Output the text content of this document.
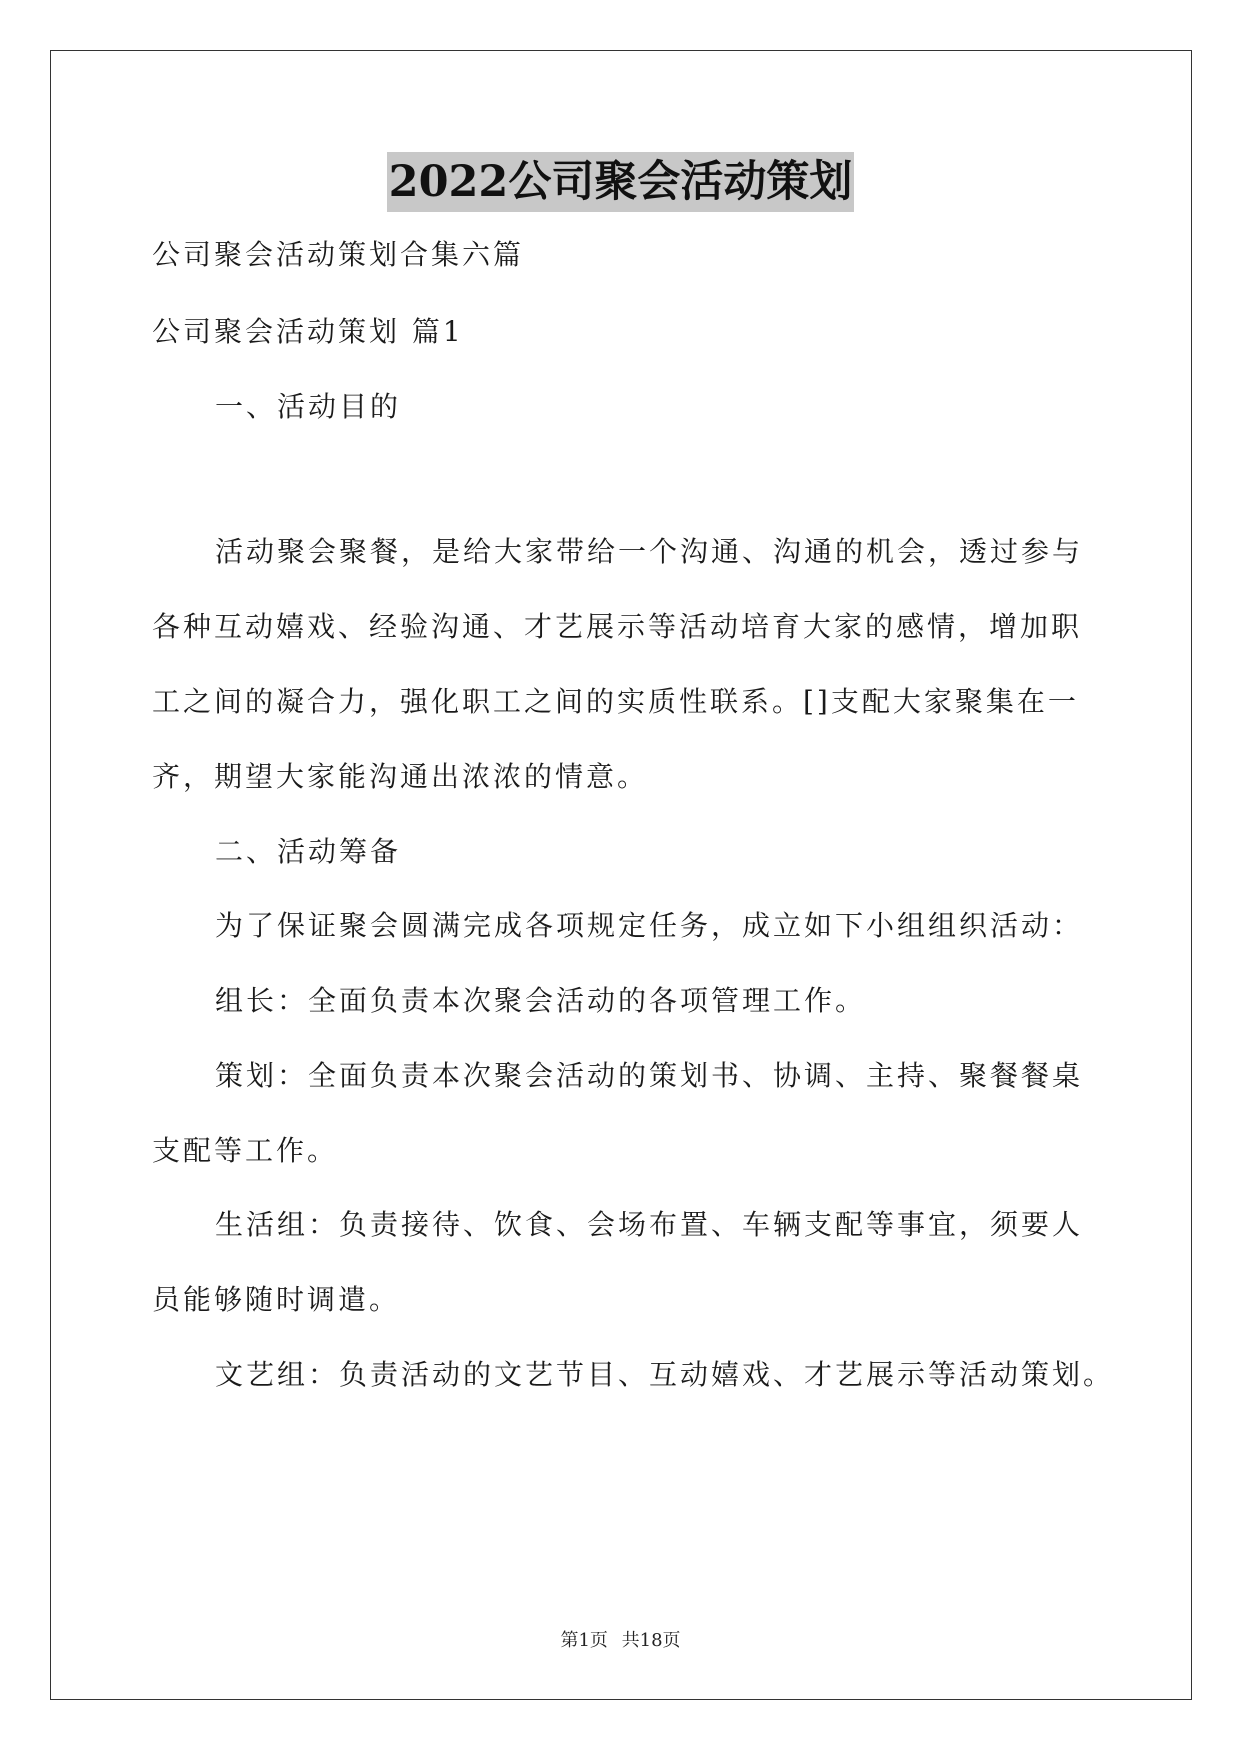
2022公司聚会活动策划
公司聚会活动策划合集六篇
公司聚会活动策划 篇1
一、活动目的
活动聚会聚餐，是给大家带给一个沟通、沟通的机会，透过参与
各种互动嬉戏、经验沟通、才艺展示等活动培育大家的感情，增加职
工之间的凝合力，强化职工之间的实质性联系。[]支配大家聚集在一
齐，期望大家能沟通出浓浓的情意。
二、活动筹备
为了保证聚会圆满完成各项规定任务，成立如下小组组织活动：
组长：全面负责本次聚会活动的各项管理工作。
策划：全面负责本次聚会活动的策划书、协调、主持、聚餐餐桌
支配等工作。
生活组：负责接待、饮食、会场布置、车辆支配等事宜，须要人
员能够随时调遣。
文艺组：负责活动的文艺节目、互动嬉戏、才艺展示等活动策划。
第1页 共18页
